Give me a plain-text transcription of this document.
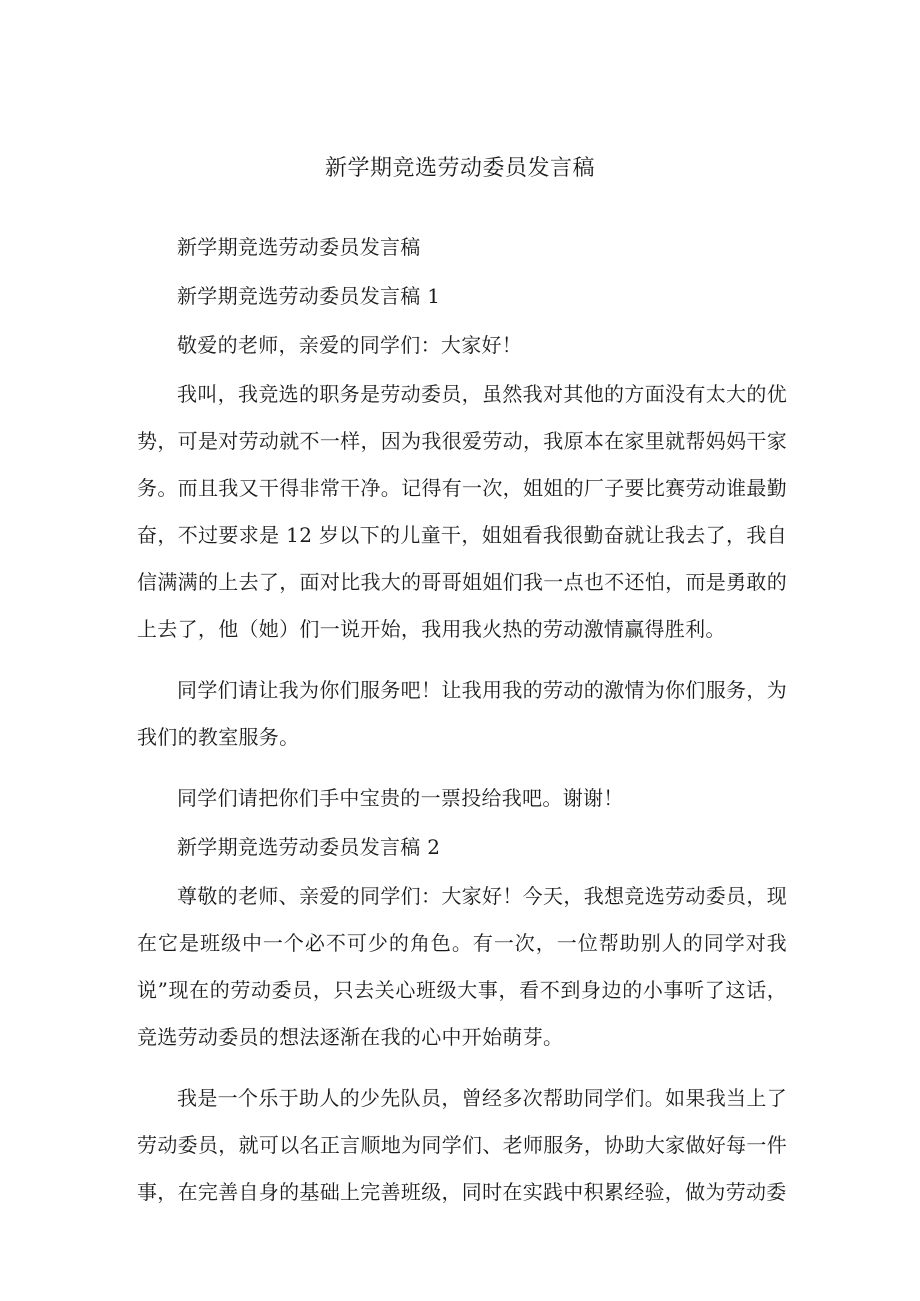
新学期竞选劳动委员发言稿

新学期竞选劳动委员发言稿

新学期竞选劳动委员发言稿 1

敬爱的老师，亲爱的同学们：大家好！

我叫，我竞选的职务是劳动委员，虽然我对其他的方面没有太大的优势，可是对劳动就不一样，因为我很爱劳动，我原本在家里就帮妈妈干家务。而且我又干得非常干净。记得有一次，姐姐的厂子要比赛劳动谁最勤奋，不过要求是 12 岁以下的儿童干，姐姐看我很勤奋就让我去了，我自信满满的上去了，面对比我大的哥哥姐姐们我一点也不还怕，而是勇敢的上去了，他（她）们一说开始，我用我火热的劳动激情赢得胜利。

同学们请让我为你们服务吧！让我用我的劳动的激情为你们服务，为我们的教室服务。

同学们请把你们手中宝贵的一票投给我吧。谢谢！

新学期竞选劳动委员发言稿 2

尊敬的老师、亲爱的同学们：大家好！今天，我想竞选劳动委员，现在它是班级中一个必不可少的角色。有一次，一位帮助别人的同学对我说”现在的劳动委员，只去关心班级大事，看不到身边的小事听了这话，竞选劳动委员的想法逐渐在我的心中开始萌芽。

我是一个乐于助人的少先队员，曾经多次帮助同学们。如果我当上了劳动委员，就可以名正言顺地为同学们、老师服务，协助大家做好每一件事，在完善自身的基础上完善班级，同时在实践中积累经验，做为劳动委
